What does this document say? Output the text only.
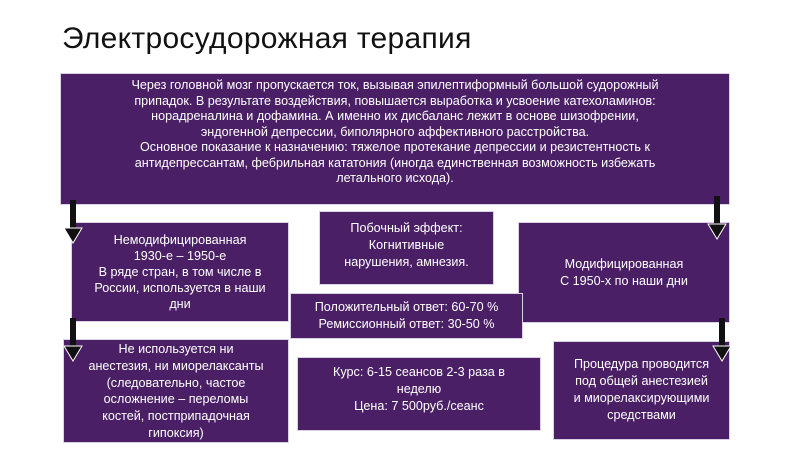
Электросудорожная терапия
Через головной мозг пропускается ток, вызывая эпилептиформный большой судорожный
припадок. В результате воздействия, повышается выработка и усвоение катехоламинов:
норадреналина и дофамина. А именно их дисбаланс лежит в основе шизофрении,
эндогенной депрессии, биполярного аффективного расстройства.
Основное показание к назначению: тяжелое протекание депрессии и резистентность к
антидепрессантам, фебрильная кататония (иногда единственная возможность избежать
летального исхода).
Немодифицированная
1930-е – 1950-е
В ряде стран, в том числе в
России, используется в наши
дни
Побочный эффект:
Когнитивные
нарушения, амнезия.	Модифицированная
С 1950-х по наши дни
Положительный ответ: 60-70 %
Ремиссионный ответ: 30-50 %
Не используется ни
анестезия, ни миорелаксанты
(следовательно, частое
осложнение – переломы
костей, постприпадочная
гипоксия)
Курс: 6-15 сеансов 2-3 раза в
неделю
Цена: 7 500руб./сеанс
Процедура проводится
под общей анестезией
и миорелаксирующими
средствами
